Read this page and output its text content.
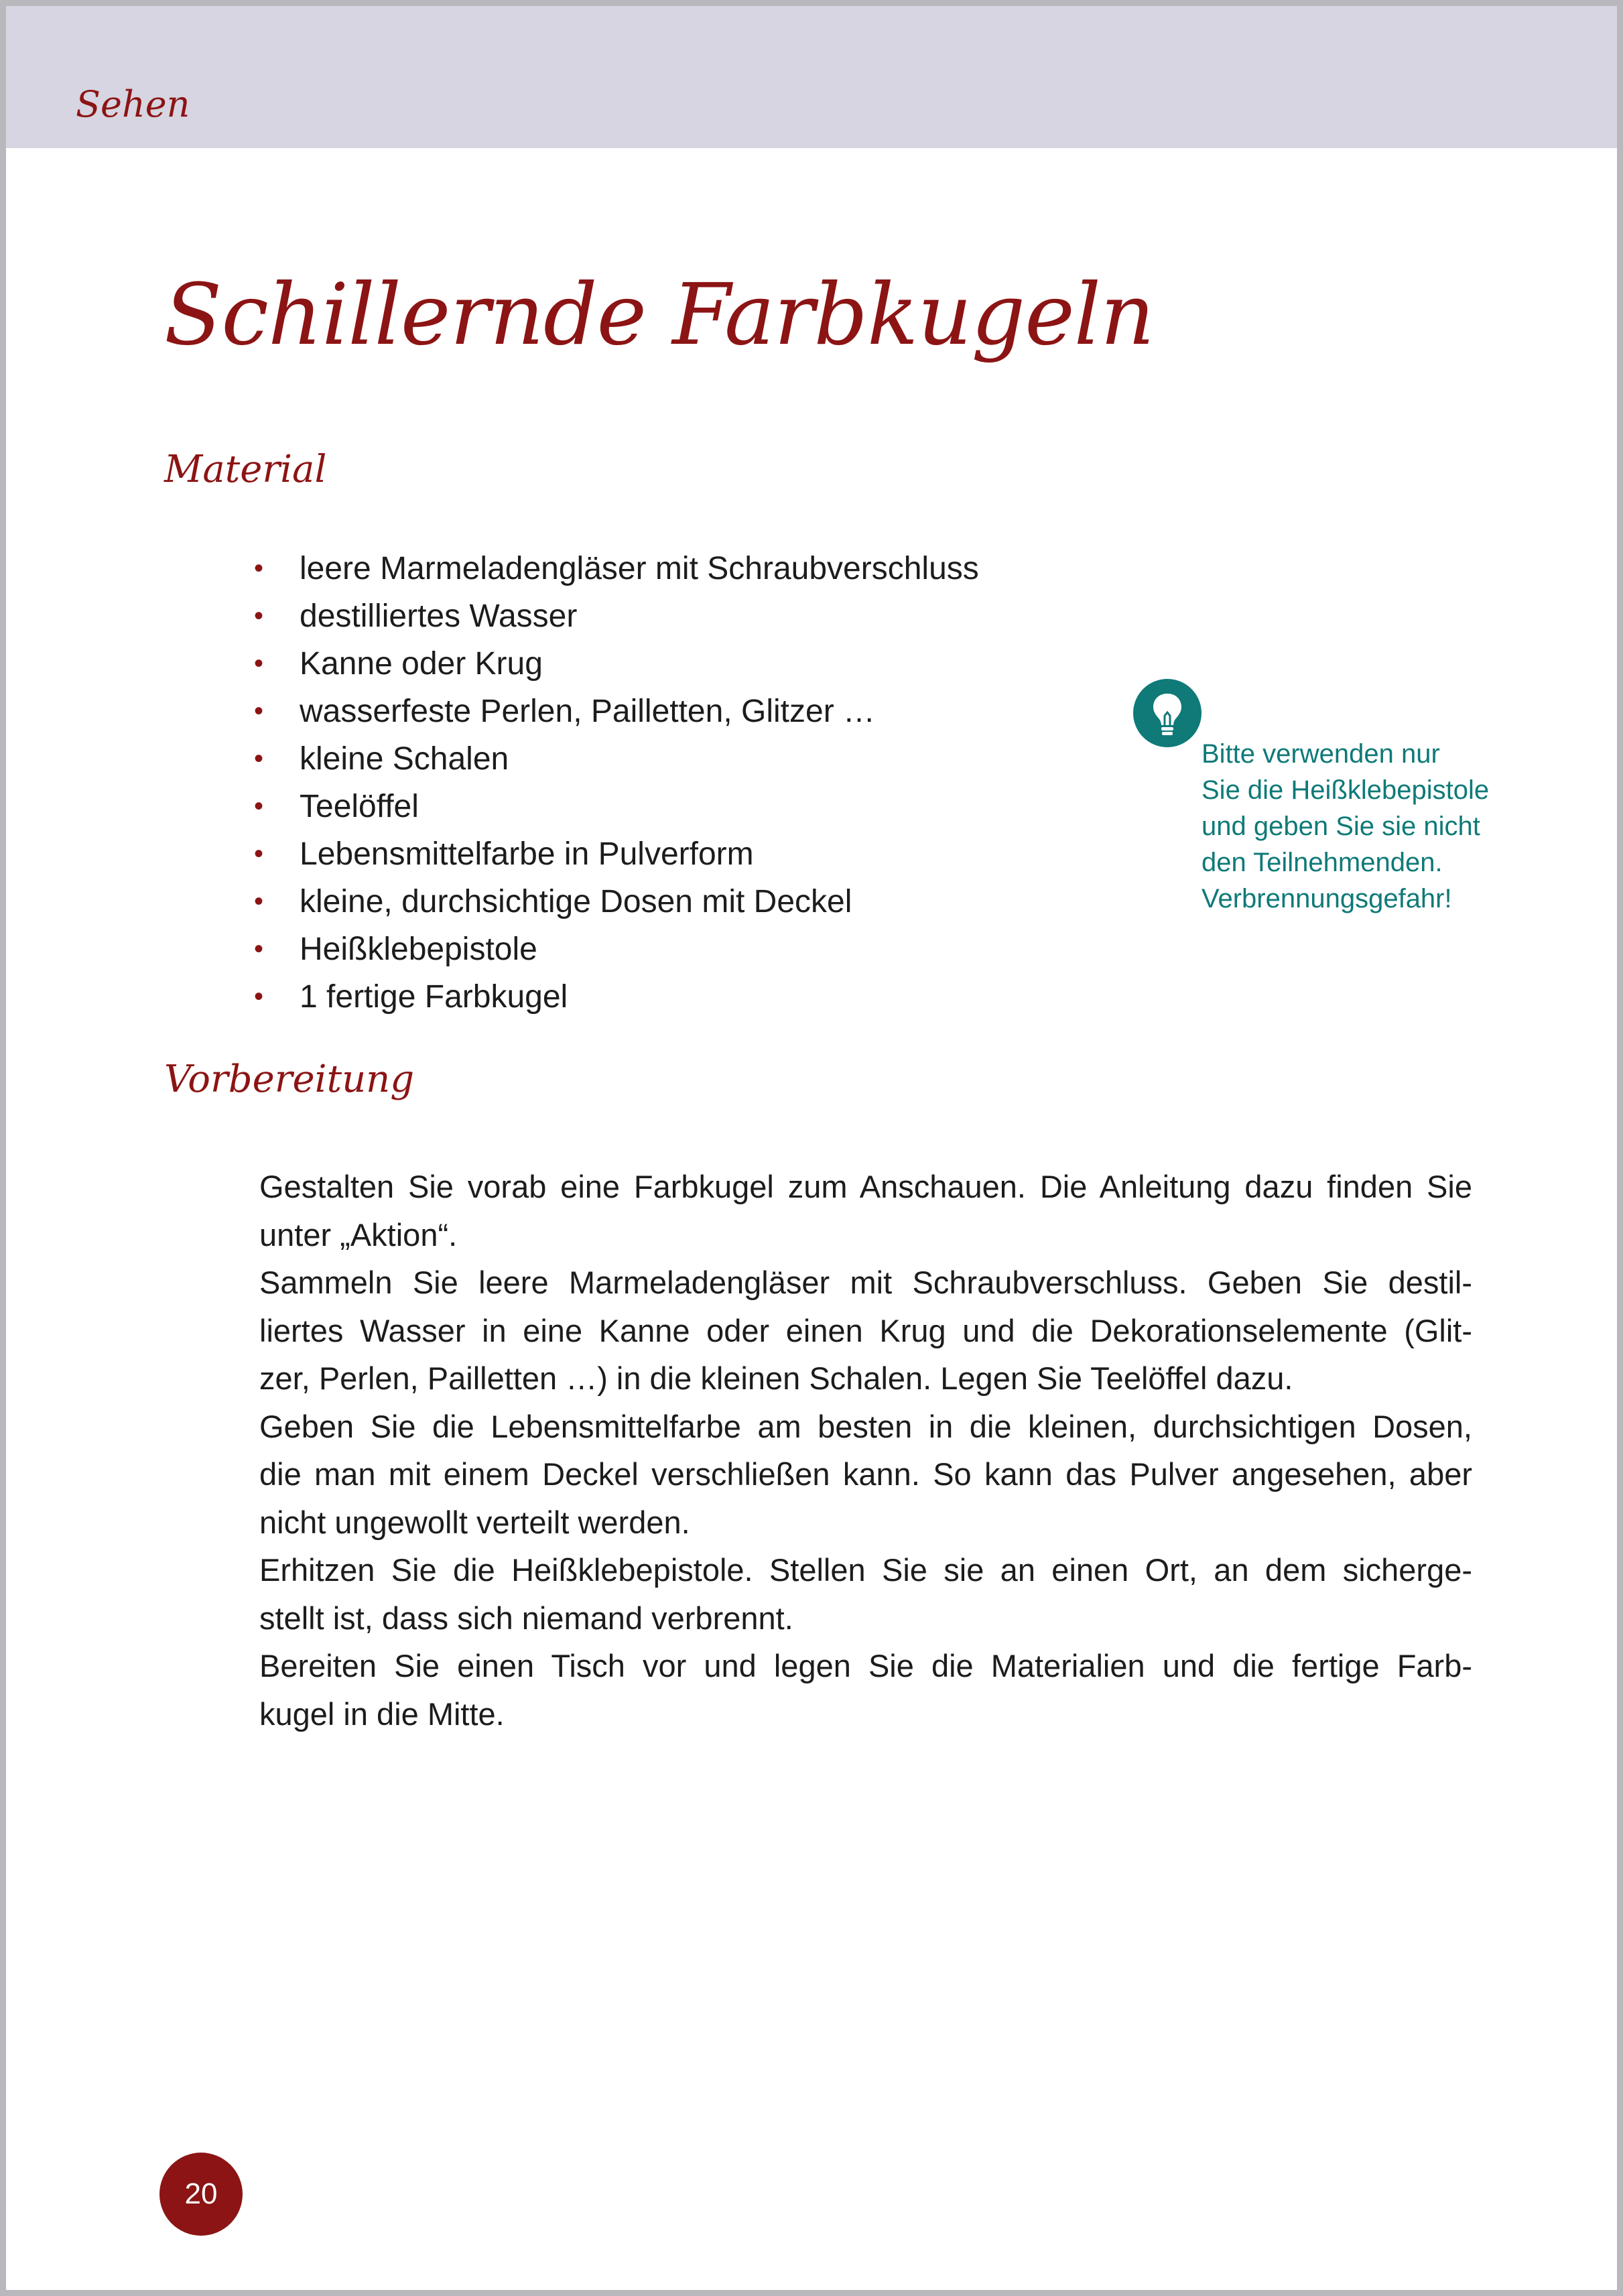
Sehen
Schillernde Farbkugeln
Material
• leere Marmeladengläser mit Schraubverschluss
• destilliertes Wasser
• Kanne oder Krug
• wasserfeste Perlen, Pailletten, Glitzer …
• kleine Schalen
• Teelöffel
• Lebensmittelfarbe in Pulverform
• kleine, durchsichtige Dosen mit Deckel
• Heißklebepistole
• 1 fertige Farbkugel
Bitte verwenden nur
Sie die Heißklebepistole
und geben Sie sie nicht
den Teilnehmenden.
Verbrennungsgefahr!
Vorbereitung
Gestalten Sie vorab eine Farbkugel zum Anschauen. Die Anleitung dazu finden Sie
unter „Aktion“.
Sammeln Sie leere Marmeladengläser mit Schraubverschluss. Geben Sie destil-
liertes Wasser in eine Kanne oder einen Krug und die Dekorationselemente (Glit-
zer, Perlen, Pailletten …) in die kleinen Schalen. Legen Sie Teelöffel dazu.
Geben Sie die Lebensmittelfarbe am besten in die kleinen, durchsichtigen Dosen,
die man mit einem Deckel verschließen kann. So kann das Pulver angesehen, aber
nicht ungewollt verteilt werden.
Erhitzen Sie die Heißklebepistole. Stellen Sie sie an einen Ort, an dem sicherge-
stellt ist, dass sich niemand verbrennt.
Bereiten Sie einen Tisch vor und legen Sie die Materialien und die fertige Farb-
kugel in die Mitte.
20
